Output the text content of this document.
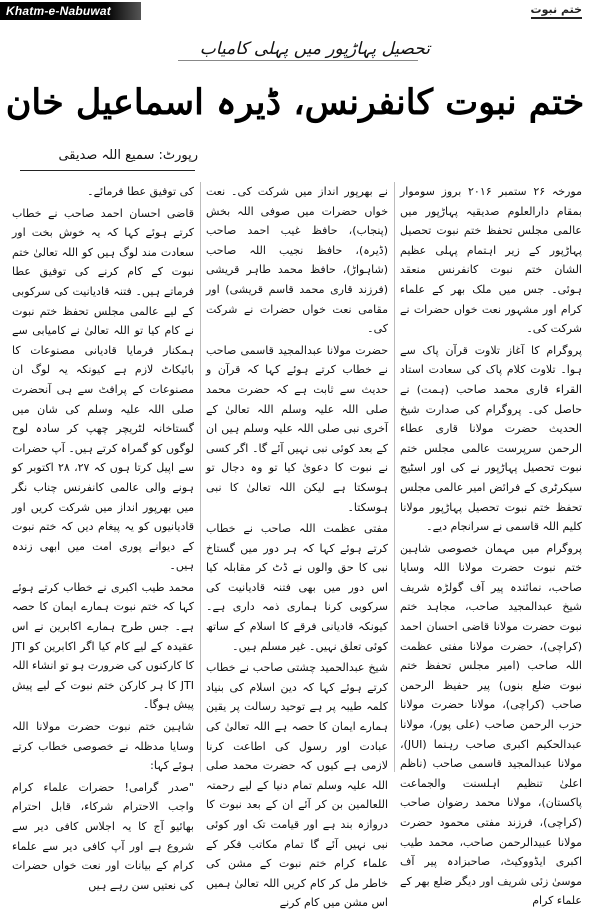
Khatm-e-Nabuwat	ختم نبوت
تحصیل پہاڑپور میں پہلی کامیاب
ختم نبوت کانفرنس، ڈیرہ اسماعیل خان
رپورٹ: سمیع اللہ صدیقی

مورخہ ۲۶ ستمبر ۲۰۱۶ بروز سوموار بمقام دارالعلوم صدیقیہ پہاڑپور میں عالمی مجلس تحفظ ختم نبوت تحصیل پہاڑپور کے زیر اہتمام پہلی عظیم الشان ختم نبوت کانفرنس منعقد ہوئی۔ جس میں ملک بھر کے علماء کرام اور مشہور نعت خواں حضرات نے شرکت کی۔

پروگرام کا آغاز تلاوت قرآن پاک سے ہوا۔ تلاوت کلام پاک کی سعادت استاد القراء قاری محمد صاحب (ہمت) نے حاصل کی۔ پروگرام کی صدارت شیخ الحدیث حضرت مولانا قاری عطاء الرحمن سرپرست عالمی مجلس ختم نبوت تحصیل پہاڑپور نے کی اور اسٹیج سیکرٹری کے فرائض امیر عالمی مجلس تحفظ ختم نبوت تحصیل پہاڑپور مولانا کلیم اللہ قاسمی نے سرانجام دیے۔

پروگرام میں مہمان خصوصی شاہین ختم نبوت حضرت مولانا اللہ وسایا صاحب، نمائندہ پیر آف گولڑہ شریف شیخ عبدالمجید صاحب، مجاہد ختم نبوت حضرت مولانا قاضی احسان احمد (کراچی)، حضرت مولانا مفتی عظمت اللہ صاحب (امیر مجلس تحفظ ختم نبوت ضلع بنوں) پیر حفیظ الرحمن صاحب (کراچی)، مولانا حضرت مولانا حزب الرحمن صاحب (علی پور)، مولانا عبدالحکیم اکبری صاحب رہنما (JUI)، مولانا عبدالمجید قاسمی صاحب (ناظم اعلیٰ تنظیم اہلسنت والجماعت پاکستان)، مولانا محمد رضوان صاحب (کراچی)، فرزند مفتی محمود حضرت مولانا عبیدالرحمن صاحب، محمد طیب اکبری ایڈووکیٹ، صاحبزادہ پیر آف موسیٰ زئی شریف اور دیگر ضلع بھر کے علماء کرام

نے بھرپور انداز میں شرکت کی۔ نعت خواں حضرات میں صوفی اللہ بخش (پنجاب)، حافظ غیب احمد صاحب (ڈیرہ)، حافظ نجیب اللہ صاحب (شاہواڑ)، حافظ محمد طاہر قریشی (فرزند قاری محمد قاسم قریشی) اور مقامی نعت خواں حضرات نے شرکت کی۔

حضرت مولانا عبدالمجید قاسمی صاحب نے خطاب کرتے ہوئے کہا کہ قرآن و حدیث سے ثابت ہے کہ حضرت محمد صلی اللہ علیہ وسلم اللہ تعالیٰ کے آخری نبی صلی اللہ علیہ وسلم ہیں ان کے بعد کوئی نبی نہیں آئے گا۔ اگر کسی نے نبوت کا دعویٰ کیا تو وہ دجال تو ہوسکتا ہے لیکن اللہ تعالیٰ کا نبی ہوسکتا۔

مفتی عظمت اللہ صاحب نے خطاب کرتے ہوئے کہا کہ ہر دور میں گستاخ نبی کا حق والوں نے ڈٹ کر مقابلہ کیا اس دور میں بھی فتنہ قادیانیت کی سرکوبی کرنا ہماری ذمہ داری ہے۔ کیونکہ قادیانی فرقے کا اسلام کے ساتھ کوئی تعلق نہیں۔ غیر مسلم ہیں۔

شیخ عبدالحمید چشتی صاحب نے خطاب کرتے ہوئے کہا کہ دین اسلام کی بنیاد کلمہ طیبہ پر ہے توحید رسالت پر یقین ہمارے ایمان کا حصہ ہے اللہ تعالیٰ کی عبادت اور رسول کی اطاعت کرنا لازمی ہے کیوں کہ حضرت محمد صلی اللہ علیہ وسلم تمام دنیا کے لیے رحمتہ اللعالمین بن کر آئے ان کے بعد نبوت کا دروازہ بند ہے اور قیامت تک اور کوئی نبی نہیں آئے گا تمام مکاتب فکر کے علماء کرام ختم نبوت کے مشن کی خاطر مل کر کام کریں اللہ تعالیٰ ہمیں اس مشن میں کام کرنے

کی توفیق عطا فرمائے۔

قاضی احسان احمد صاحب نے خطاب کرتے ہوئے کہا کہ یہ خوش بخت اور سعادت مند لوگ ہیں کو اللہ تعالیٰ ختم نبوت کے کام کرنے کی توفیق عطا فرماتے ہیں۔ فتنہ قادیانیت کی سرکوبی کے لیے عالمی مجلس تحفظ ختم نبوت نے کام کیا تو اللہ تعالیٰ نے کامیابی سے ہمکنار فرمایا قادیانی مصنوعات کا بائیکاٹ لازم ہے کیونکہ یہ لوگ ان مصنوعات کے پرافٹ سے ہی آنحضرت صلی اللہ علیہ وسلم کی شان میں گستاخانہ لٹریچر چھپ کر سادہ لوح لوگوں کو گمراہ کرتے ہیں۔ آپ حضرات سے اپیل کرتا ہوں کہ ۲۷، ۲۸ اکتوبر کو ہونے والی عالمی کانفرنس چناب نگر میں بھرپور انداز میں شرکت کریں اور قادیانیوں کو یہ پیغام دیں کہ ختم نبوت کے دیوانے پوری امت میں ابھی زندہ ہیں۔

محمد طیب اکبری نے خطاب کرتے ہوئے کہا کہ ختم نبوت ہمارے ایمان کا حصہ ہے۔ جس طرح ہمارے اکابرین نے اس عقیدہ کے لیے کام کیا اگر اکابرین کو JTI کا کارکنوں کی ضرورت ہو تو انشاء اللہ JTI کا ہر کارکن ختم نبوت کے لیے پیش پیش ہوگا۔

شاہین ختم نبوت حضرت مولانا اللہ وسایا مدظلہ نے خصوصی خطاب کرتے ہوئے کہا:

"صدر گرامی! حضرات علماء کرام واجب الاحترام شرکاء، قابل احترام بھائیو آج کا یہ اجلاس کافی دیر سے شروع ہے اور آپ کافی دیر سے علماء کرام کے بیانات اور نعت خواں حضرات کی نعتیں سن رہے ہیں
